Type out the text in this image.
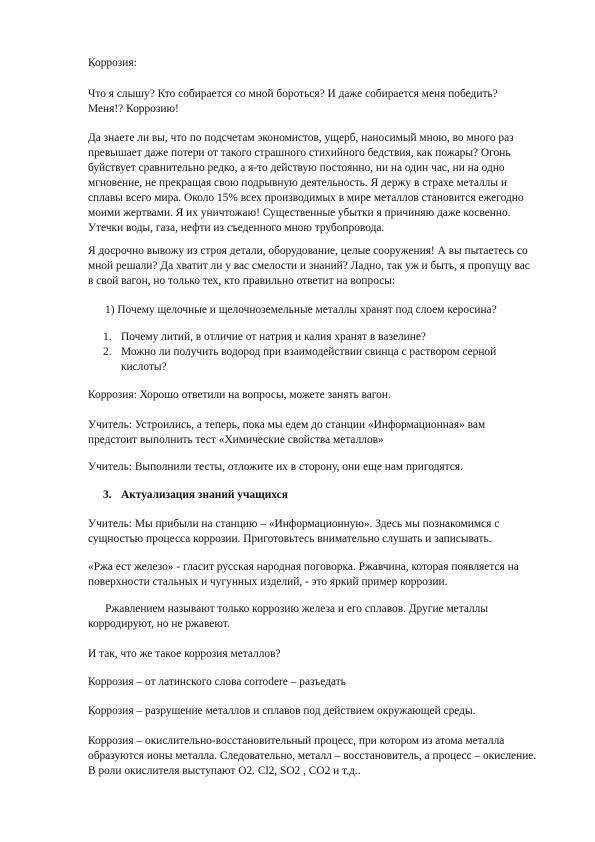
Коррозия:

Что я слышу? Кто собирается со мной бороться? И даже собирается меня победить?

Меня!? Коррозию!

Да знаете ли вы, что по подсчетам экономистов, ущерб, наносимый мною, во много раз

превышает даже потери от такого страшного стихийного бедствия, как пожары? Огонь

буйствует сравнительно редко, а я-то действую постоянно, ни на один час, ни на одно

мгновение, не прекращая свою подрывную деятельность. Я держу в страхе металлы и

сплавы всего мира. Около 15% всех производимых в мире металлов становится ежегодно

моими жертвами. Я их уничтожаю! Существенные убытки я причиняю даже косвенно.

Утечки воды, газа, нефти из съеденного мною трубопровода.

Я досрочно вывожу из строя детали, оборудование, целые сооружения! А вы пытаетесь со

мной решали? Да хватит ли у вас смелости и знаний? Ладно, так уж и быть, я пропущу вас

в свой вагон, но только тех, кто правильно ответит на вопросы:

1) Почему щелочные и щелочноземельные металлы хранят под слоем керосина?

1. Почему литий, в отличие от натрия и калия хранят в вазелине?

2. Можно ли получить водород при взаимодействии свинца с раствором серной

кислоты?

Коррозия: Хорошо ответили на вопросы, можете занять вагон.

Учитель: Устроились, а теперь, пока мы едем до станции «Информационная» вам

предстоит выполнить тест «Химические свойства металлов»

Учитель: Выполнили тесты, отложите их в сторону, они еще нам пригодятся.

3. Актуализация знаний учащихся

Учитель: Мы прибыли на станцию – «Информационную». Здесь мы познакомимся с

сущностью процесса коррозии. Приготовьтесь внимательно слушать и записывать.

«Ржа ест железо» - гласит русская народная поговорка. Ржавчина, которая появляется на

поверхности стальных и чугунных изделий, - это яркий пример коррозии.

Ржавлением называют только коррозию железа и его сплавов. Другие металлы

корродируют, но не ржавеют.

И так, что же такое коррозия металлов?

Коррозия – от латинского слова corrodere – разъедать

Коррозия – разрушение металлов и сплавов под действием окружающей среды.

Коррозия – окислительно-восстановительный процесс, при котором из атома металла

образуются ионы металла. Следовательно, металл – восстановитель, а процесс – окисление.

В роли окислителя выступают О2. Cl2, SO2 , CO2 и т.д..
